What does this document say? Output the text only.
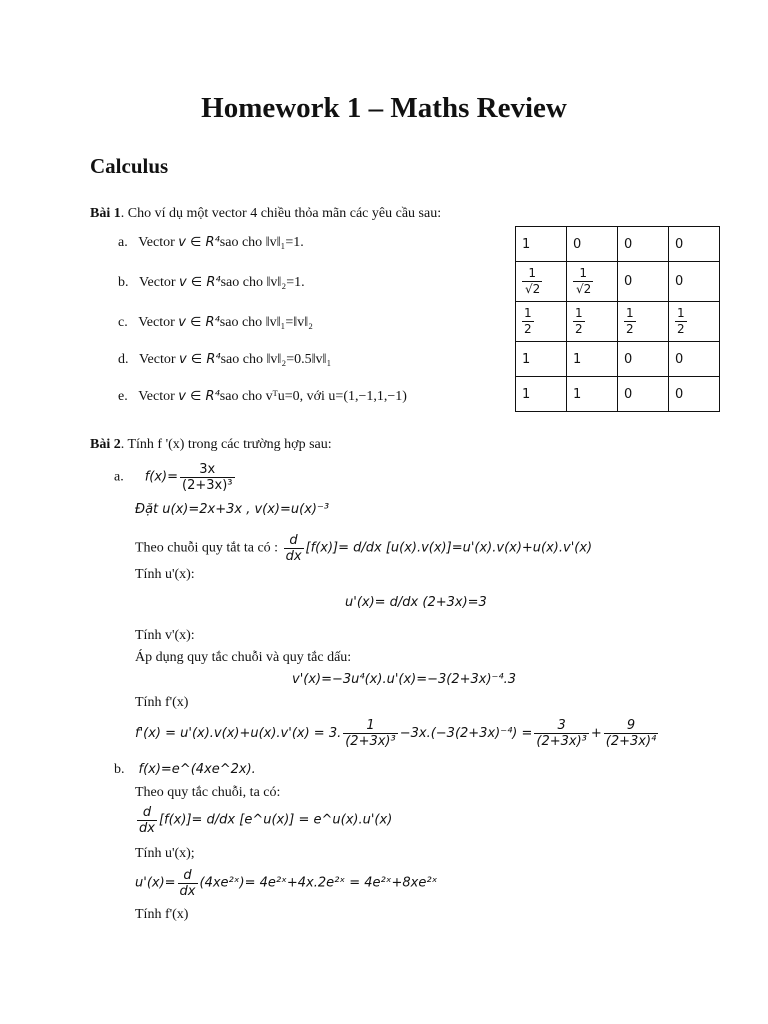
Homework 1 – Maths Review
Calculus
Bài 1. Cho ví dụ một vector 4 chiều thỏa mãn các yêu cầu sau:
a. Vector v ∈ R⁴sao cho ‖v‖₁=1.
b. Vector v ∈ R⁴sao cho ‖v‖₂=1.
c. Vector v ∈ R⁴sao cho ‖v‖₁=‖v‖₂
d. Vector v ∈ R⁴sao cho ‖v‖₂=0.5‖v‖₁
e. Vector v ∈ R⁴sao cho vᵀu=0, với u=(1,−1,1,−1)
1	0	0	0

$\frac{1}{√2}$	$\frac{1}{√2}$	0	0

$\frac{1}{2}$	$\frac{1}{2}$	$\frac{1}{2}$	$\frac{1}{2}$

1	1	0	0
1	1	0	0
Bài 2. Tính f '(x) trong các trường hợp sau:
a. $f(x)= \frac{3x}{\text{(2+3x)³}}$
Đặt u(x)=2x+3x , v(x)=u(x)⁻³
Theo chuỗi quy tắt ta có : $\frac{d}{dx} [f(x)]= d/dx$ [u(x).v(x)]=u'(x).v(x)+u(x).v'(x)
Tính u'(x):
u'(x)= d/dx (2+3x)=3
Tính v'(x):
Áp dụng quy tắc chuỗi và quy tắc dấu:
v'(x)=−3u⁴(x).u'(x)=−3(2+3x)⁻⁴.3
Tính f'(x)
f'(x) = u'(x).v(x)+u(x).v'(x) = 3. $\frac{1}{\text{(2+3x)³}} -3x.(-3(2+3x)^{-4}) = \frac{3}{\text{(2+3x)³}} + \frac{9}{\text{(2+3x)⁴}}$
b. f(x)=e^(4xe^2x).
Theo quy tắc chuỗi, ta có:
$\frac{d}{dx} [f(x)]= d/dx$ [e^u(x)] = e^u(x).u'(x)
Tính u'(x);
$u'(x)= \frac{d}{dx}$ (4xe²ˣ)= 4e²ˣ+4x.2e²ˣ = 4e²ˣ+8xe²ˣ
Tính f'(x)
